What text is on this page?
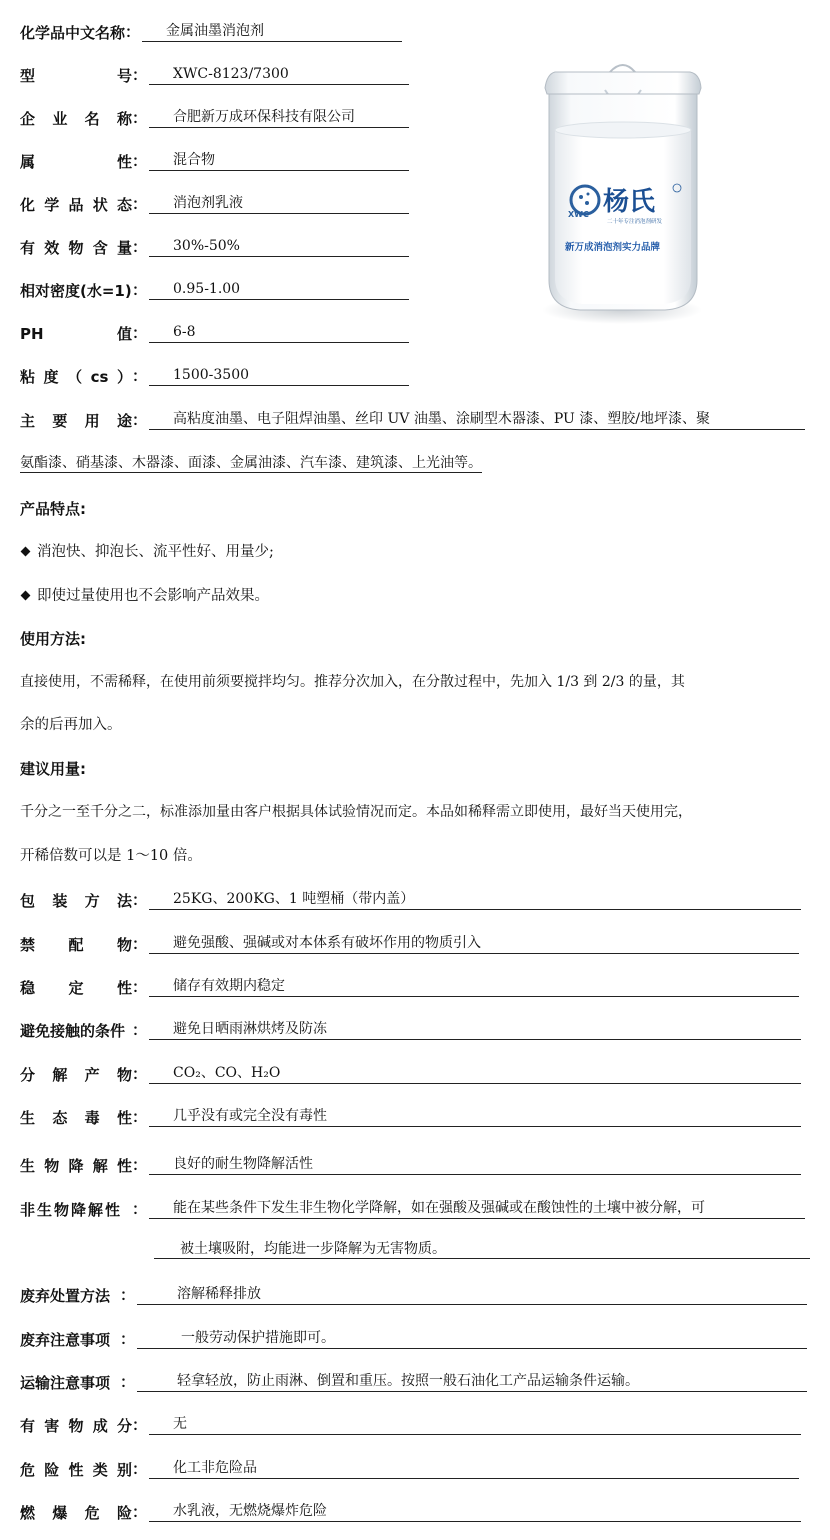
化学品中文名称 ：	金属油墨消泡剂
型号 ：	XWC-8123/7300
企业名称 ：	合肥新万成环保科技有限公司
属性 ：	混合物
化学品状态 ：	消泡剂乳液
有效物含量 ：	30%-50%
相对密度(水=1) ：	0.95-1.00
PH 值 ：	6-8
粘度（cs） ：	1500-3500
XWC 杨氏
二十年专注消泡剂研发
新万成消泡剂实力品牌
主要用途 ：	高粘度油墨、电子阻焊油墨、丝印 UV 油墨、涂刷型木器漆、PU 漆、塑胶/地坪漆、聚
氨酯漆、硝基漆、木器漆、面漆、金属油漆、汽车漆、建筑漆、上光油等。
产品特点:
消泡快、抑泡长、流平性好、用量少;
即使过量使用也不会影响产品效果。
使用方法:
直接使用，不需稀释，在使用前须要搅拌均匀。推荐分次加入，在分散过程中，先加入 1/3 到 2/3 的量，其
余的后再加入。
建议用量:
千分之一至千分之二，标准添加量由客户根据具体试验情况而定。本品如稀释需立即使用，最好当天使用完，
开稀倍数可以是 1～10 倍。
包装方法 ：	25KG、200KG、1 吨塑桶（带内盖）
禁配物 ：	避免强酸、强碱或对本体系有破坏作用的物质引入
稳定性 ：	储存有效期内稳定
避免接触的条件 ：	避免日晒雨淋烘烤及防冻
分解产物 ：	CO₂、CO、H₂O
生态毒性 ：	几乎没有或完全没有毒性
生物降解性 ：	良好的耐生物降解活性
非生物降解性 ：	能在某些条件下发生非生物化学降解，如在强酸及强碱或在酸蚀性的土壤中被分解，可
被土壤吸附，均能进一步降解为无害物质。
废弃处置方法 ：	溶解稀释排放
废弃注意事项 ：	一般劳动保护措施即可。
运输注意事项 ：	轻拿轻放，防止雨淋、倒置和重压。按照一般石油化工产品运输条件运输。
有害物成分 ：	无
危险性类别 ：	化工非危险品
燃爆危险 ：	水乳液，无燃烧爆炸危险
